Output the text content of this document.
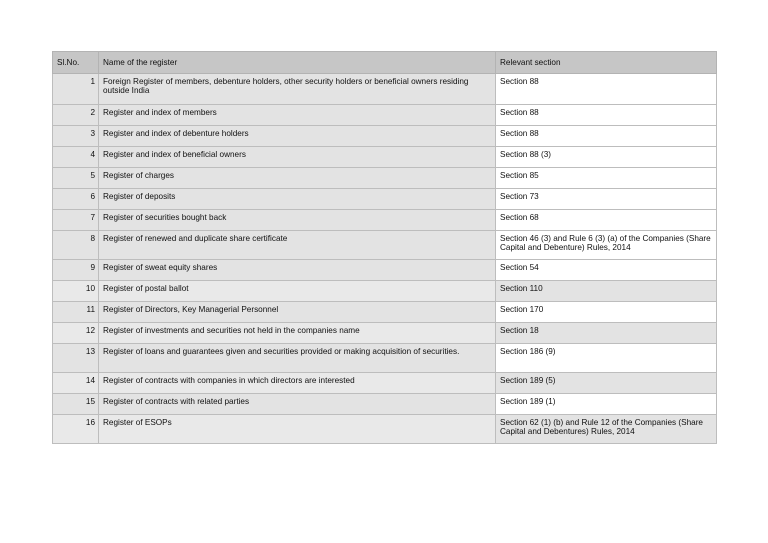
Sl.No.	Name of the register	Relevant section

1	Foreign Register of members, debenture holders, other security holders or beneficial owners residing outside India	Section 88

2	Register and index of members	Section 88

3	Register and index of debenture holders	Section 88

4	Register and index of beneficial owners	Section 88 (3)

5	Register of charges	Section 85

6	Register of deposits	Section 73

7	Register of securities bought back	Section 68

8	Register of renewed and duplicate share certificate	Section 46 (3) and Rule 6 (3) (a) of the Companies (Share Capital and Debenture) Rules, 2014

9	Register of sweat equity shares	Section 54

10	Register of postal ballot	Section 110

11	Register of Directors, Key Managerial Personnel	Section 170

12	Register of investments and securities not held in the companies name	Section 18

13	Register of loans and guarantees given and securities provided or making acquisition of securities.	Section 186 (9)

14	Register of contracts with companies in which directors are interested	Section 189 (5)

15	Register of contracts with related parties	Section 189 (1)

16	Register of ESOPs	Section 62 (1) (b) and Rule 12 of the Companies (Share Capital and Debentures) Rules, 2014
